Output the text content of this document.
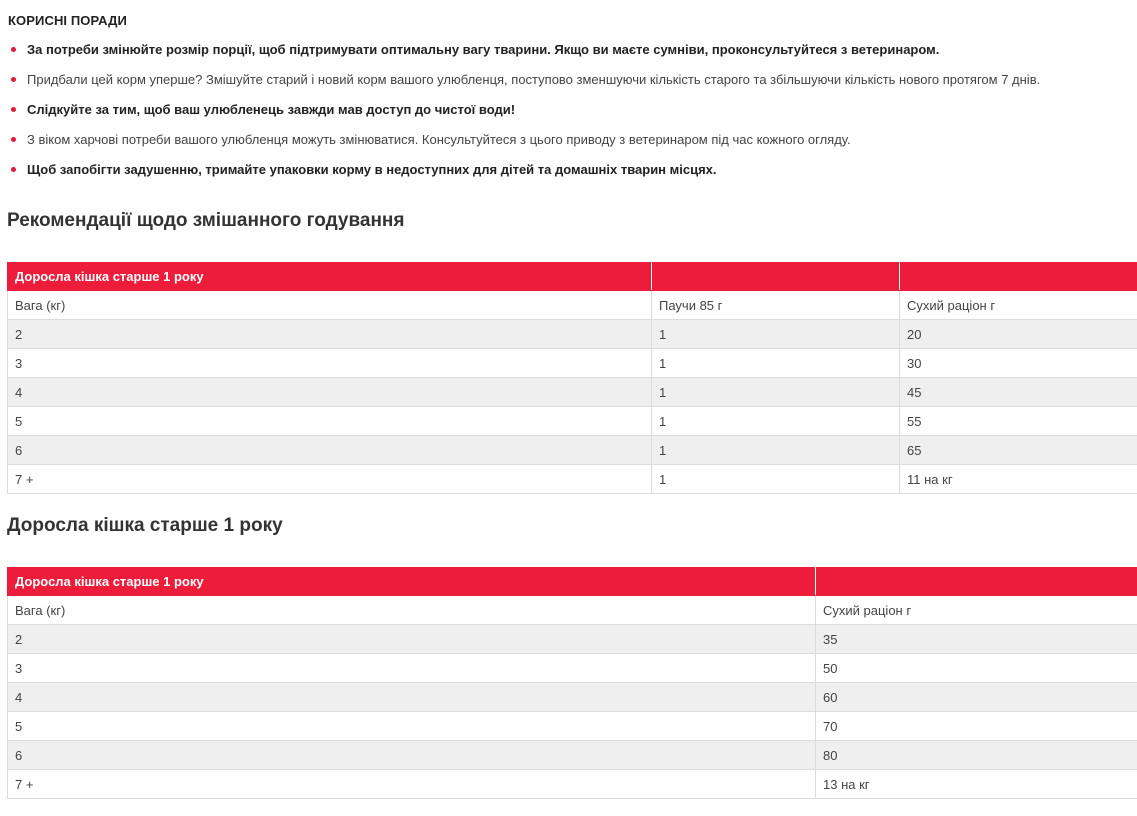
КОРИСНІ ПОРАДИ
За потреби змінюйте розмір порції, щоб підтримувати оптимальну вагу тварини. Якщо ви маєте сумніви, проконсультуйтеся з ветеринаром.
Придбали цей корм уперше? Змішуйте старий і новий корм вашого улюбленця, поступово зменшуючи кількість старого та збільшуючи кількість нового протягом 7 днів.
Слідкуйте за тим, щоб ваш улюбленець завжди мав доступ до чистої води!
З віком харчові потреби вашого улюбленця можуть змінюватися. Консультуйтеся з цього приводу з ветеринаром під час кожного огляду.
Щоб запобігти задушенню, тримайте упаковки корму в недоступних для дітей та домашніх тварин місцях.
Рекомендації щодо змішанного годування
Доросла кішка старше 1 року		
Вага (кг)	Паучи 85 г	Сухий раціон г
2	1	20
3	1	30
4	1	45
5	1	55
6	1	65
7 +	1	11 на кг
Доросла кішка старше 1 року
Доросла кішка старше 1 року	
Вага (кг)	Сухий раціон г
2	35
3	50
4	60
5	70
6	80
7 +	13 на кг
